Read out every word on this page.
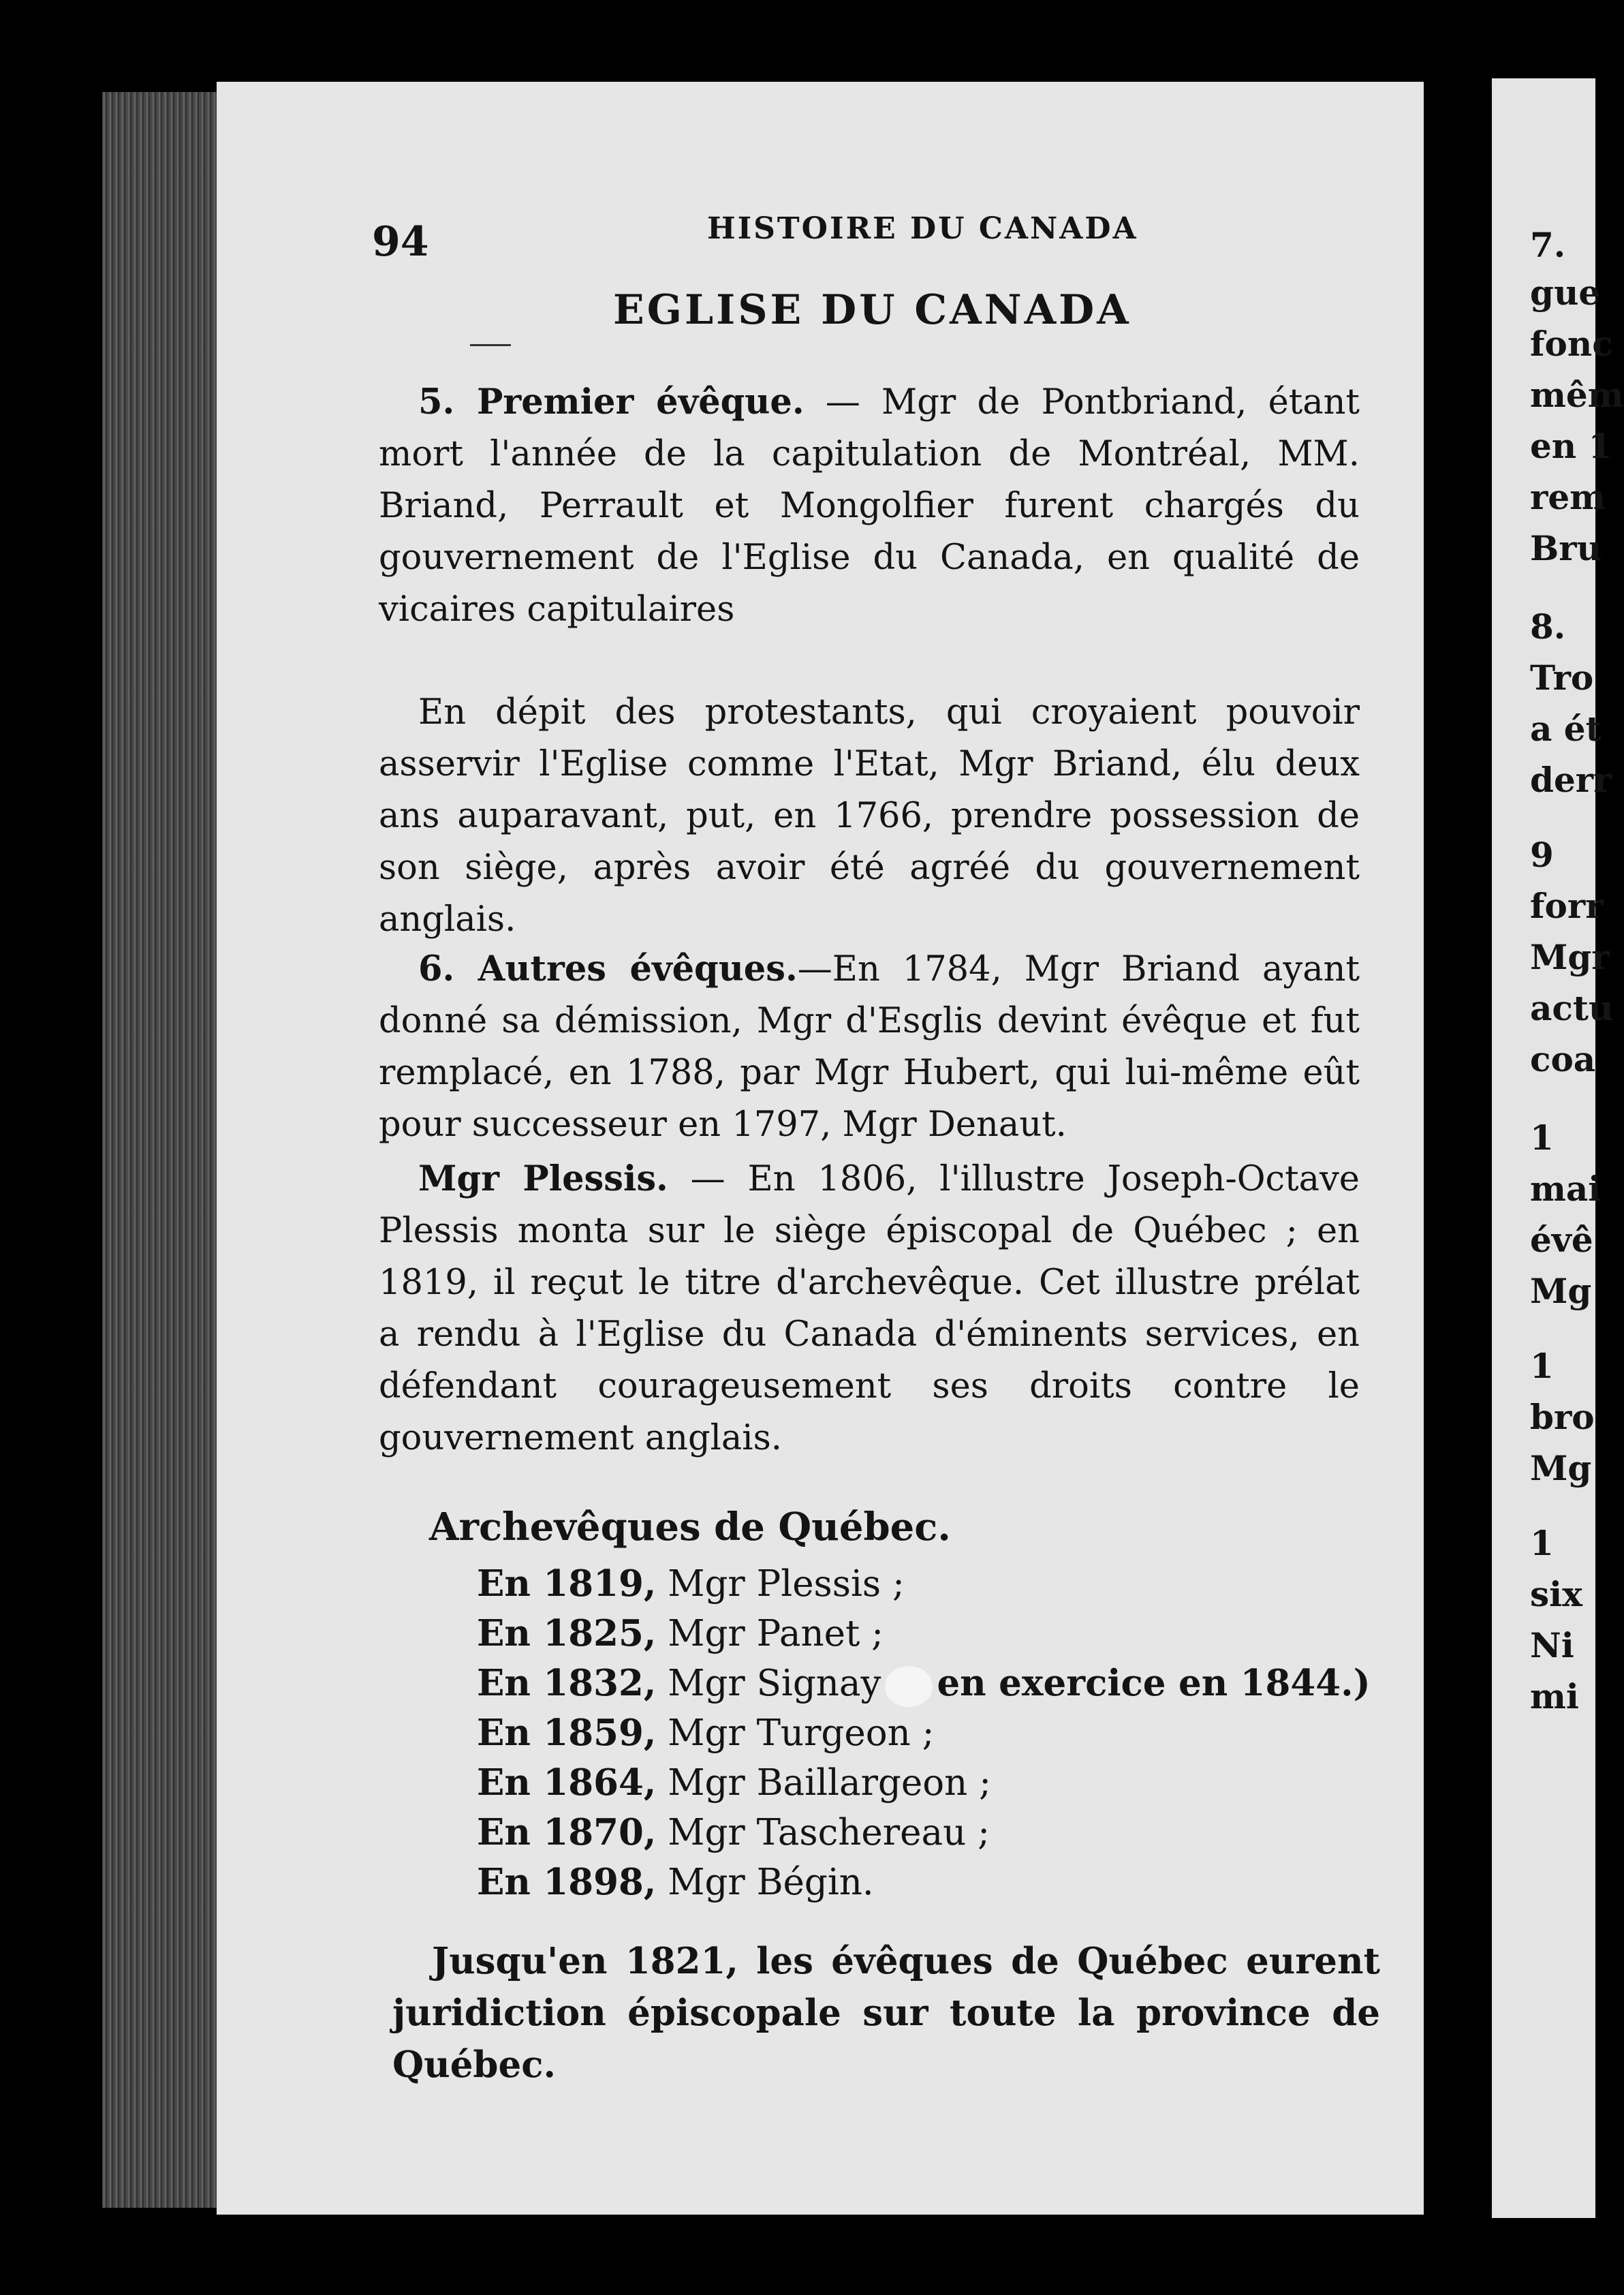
94	HISTOIRE DU CANADA
EGLISE DU CANADA
5. Premier évêque. — Mgr de Pontbriand, étant mort l'année de la capitulation de Montréal, MM. Briand, Perrault et Mongolfier furent chargés du gouvernement de l'Eglise du Canada, en qualité de vicaires capitulaires
En dépit des protestants, qui croyaient pouvoir asservir l'Eglise comme l'Etat, Mgr Briand, élu deux ans auparavant, put, en 1766, prendre possession de son siège, après avoir été agréé du gouvernement anglais.
6. Autres évêques.—En 1784, Mgr Briand ayant donné sa démission, Mgr d'Esglis devint évêque et fut remplacé, en 1788, par Mgr Hubert, qui lui-même eût pour successeur en 1797, Mgr Denaut.
Mgr Plessis. — En 1806, l'illustre Joseph-Octave Plessis monta sur le siège épiscopal de Québec ; en 1819, il reçut le titre d'archevêque. Cet illustre prélat a rendu à l'Eglise du Canada d'éminents services, en défendant courageusement ses droits contre le gouvernement anglais.
Archevêques de Québec.
En 1819, Mgr Plessis ;
En 1825, Mgr Panet ;
En 1832, Mgr Signay en exercice en 1844.)
En 1859, Mgr Turgeon ;
En 1864, Mgr Baillargeon ;
En 1870, Mgr Taschereau ;
En 1898, Mgr Bégin.
Jusqu'en 1821, les évêques de Québec eurent juridiction épiscopale sur toute la province de Québec.
7.
gue
fonc
mêm
en 1
rem
Bru
8.
Tro
a ét
derr
9
forr
Mgr
actu
coa
1
mai
évê
Mg
1
bro
Mg
1
six
Ni
mi
